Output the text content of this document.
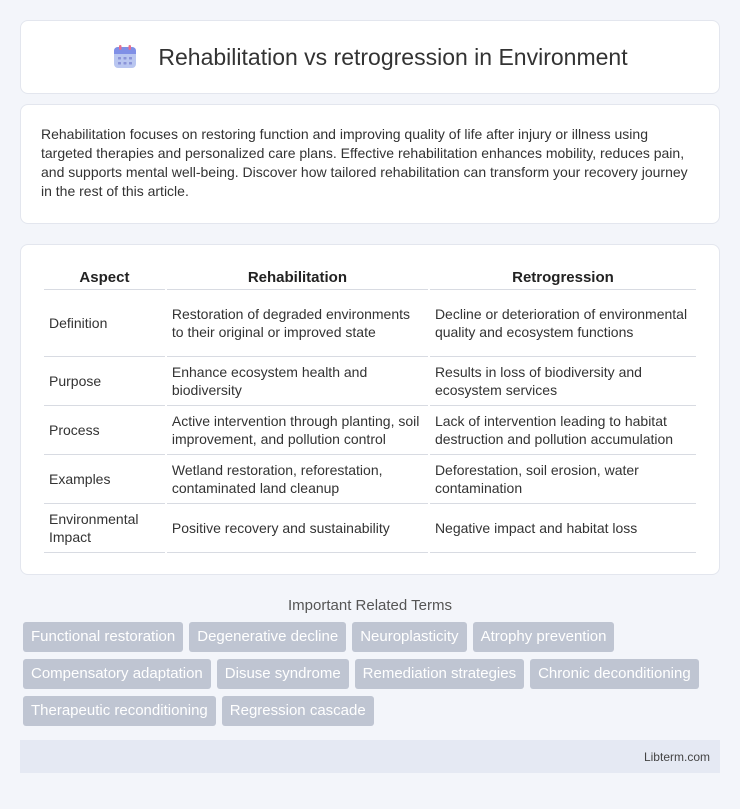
Rehabilitation vs retrogression in Environment

Rehabilitation focuses on restoring function and improving quality of life after injury or illness using targeted therapies and personalized care plans. Effective rehabilitation enhances mobility, reduces pain, and supports mental well-being. Discover how tailored rehabilitation can transform your recovery journey in the rest of this article.

Aspect	Rehabilitation	Retrogression
Definition	Restoration of degraded environments to their original or improved state	Decline or deterioration of environmental quality and ecosystem functions
Purpose	Enhance ecosystem health and biodiversity	Results in loss of biodiversity and ecosystem services
Process	Active intervention through planting, soil improvement, and pollution control	Lack of intervention leading to habitat destruction and pollution accumulation
Examples	Wetland restoration, reforestation, contaminated land cleanup	Deforestation, soil erosion, water contamination
Environmental Impact	Positive recovery and sustainability	Negative impact and habitat loss
Important Related Terms
Functional restoration	Degenerative decline	Neuroplasticity	Atrophy prevention
Compensatory adaptation	Disuse syndrome	Remediation strategies	Chronic deconditioning
Therapeutic reconditioning	Regression cascade
Libterm.com
